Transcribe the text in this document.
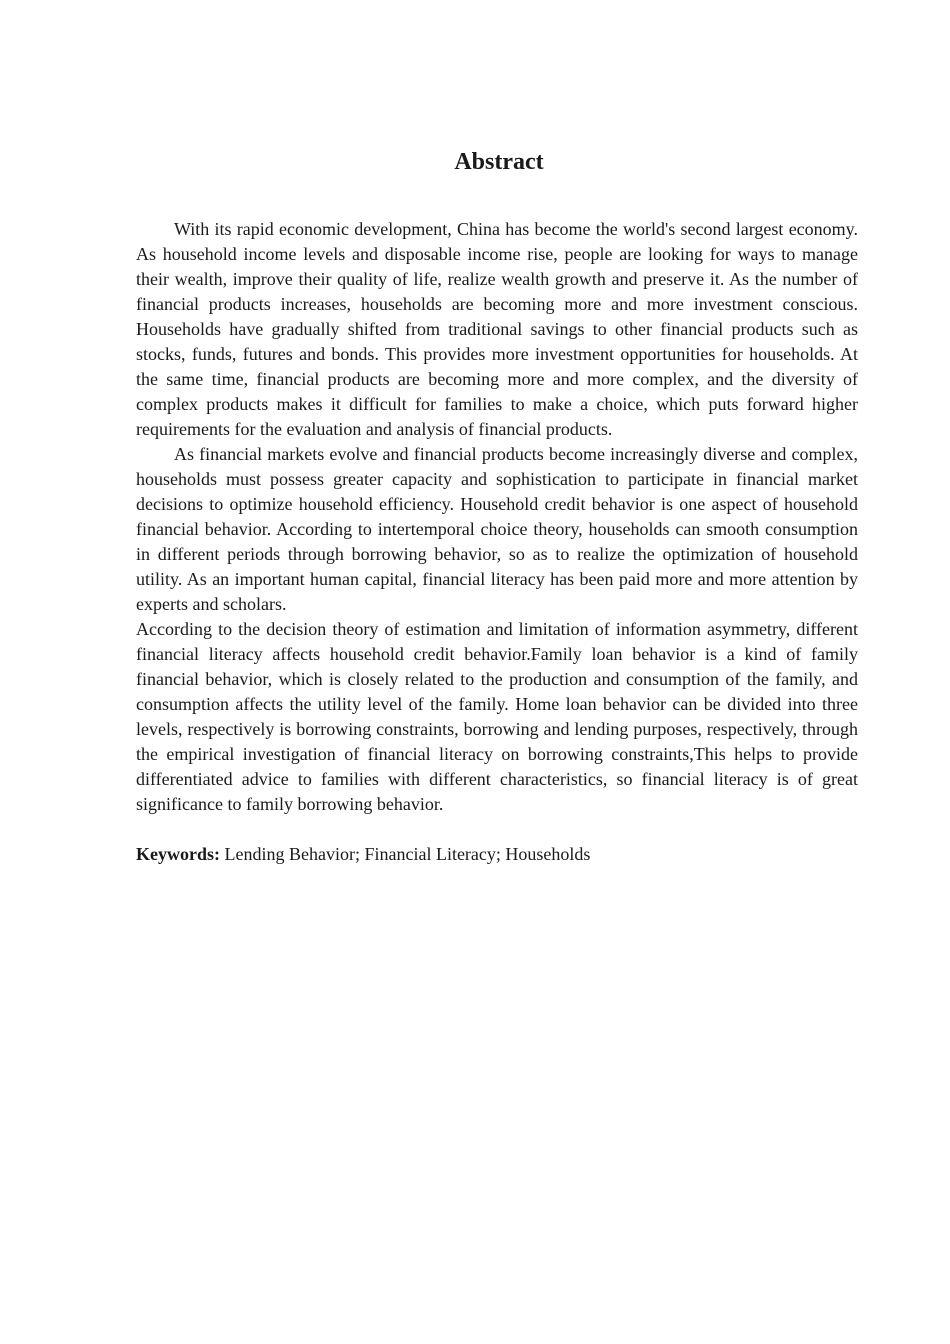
Abstract

With its rapid economic development, China has become the world's second largest economy. As household income levels and disposable income rise, people are looking for ways to manage their wealth, improve their quality of life, realize wealth growth and preserve it. As the number of financial products increases, households are becoming more and more investment conscious. Households have gradually shifted from traditional savings to other financial products such as stocks, funds, futures and bonds. This provides more investment opportunities for households. At the same time, financial products are becoming more and more complex, and the diversity of complex products makes it difficult for families to make a choice, which puts forward higher requirements for the evaluation and analysis of financial products.

As financial markets evolve and financial products become increasingly diverse and complex, households must possess greater capacity and sophistication to participate in financial market decisions to optimize household efficiency. Household credit behavior is one aspect of household financial behavior. According to intertemporal choice theory, households can smooth consumption in different periods through borrowing behavior, so as to realize the optimization of household utility. As an important human capital, financial literacy has been paid more and more attention by experts and scholars.

According to the decision theory of estimation and limitation of information asymmetry, different financial literacy affects household credit behavior.Family loan behavior is a kind of family financial behavior, which is closely related to the production and consumption of the family, and consumption affects the utility level of the family. Home loan behavior can be divided into three levels, respectively is borrowing constraints, borrowing and lending purposes, respectively, through the empirical investigation of financial literacy on borrowing constraints,This helps to provide differentiated advice to families with different characteristics, so financial literacy is of great significance to family borrowing behavior.

Keywords: Lending Behavior; Financial Literacy; Households
